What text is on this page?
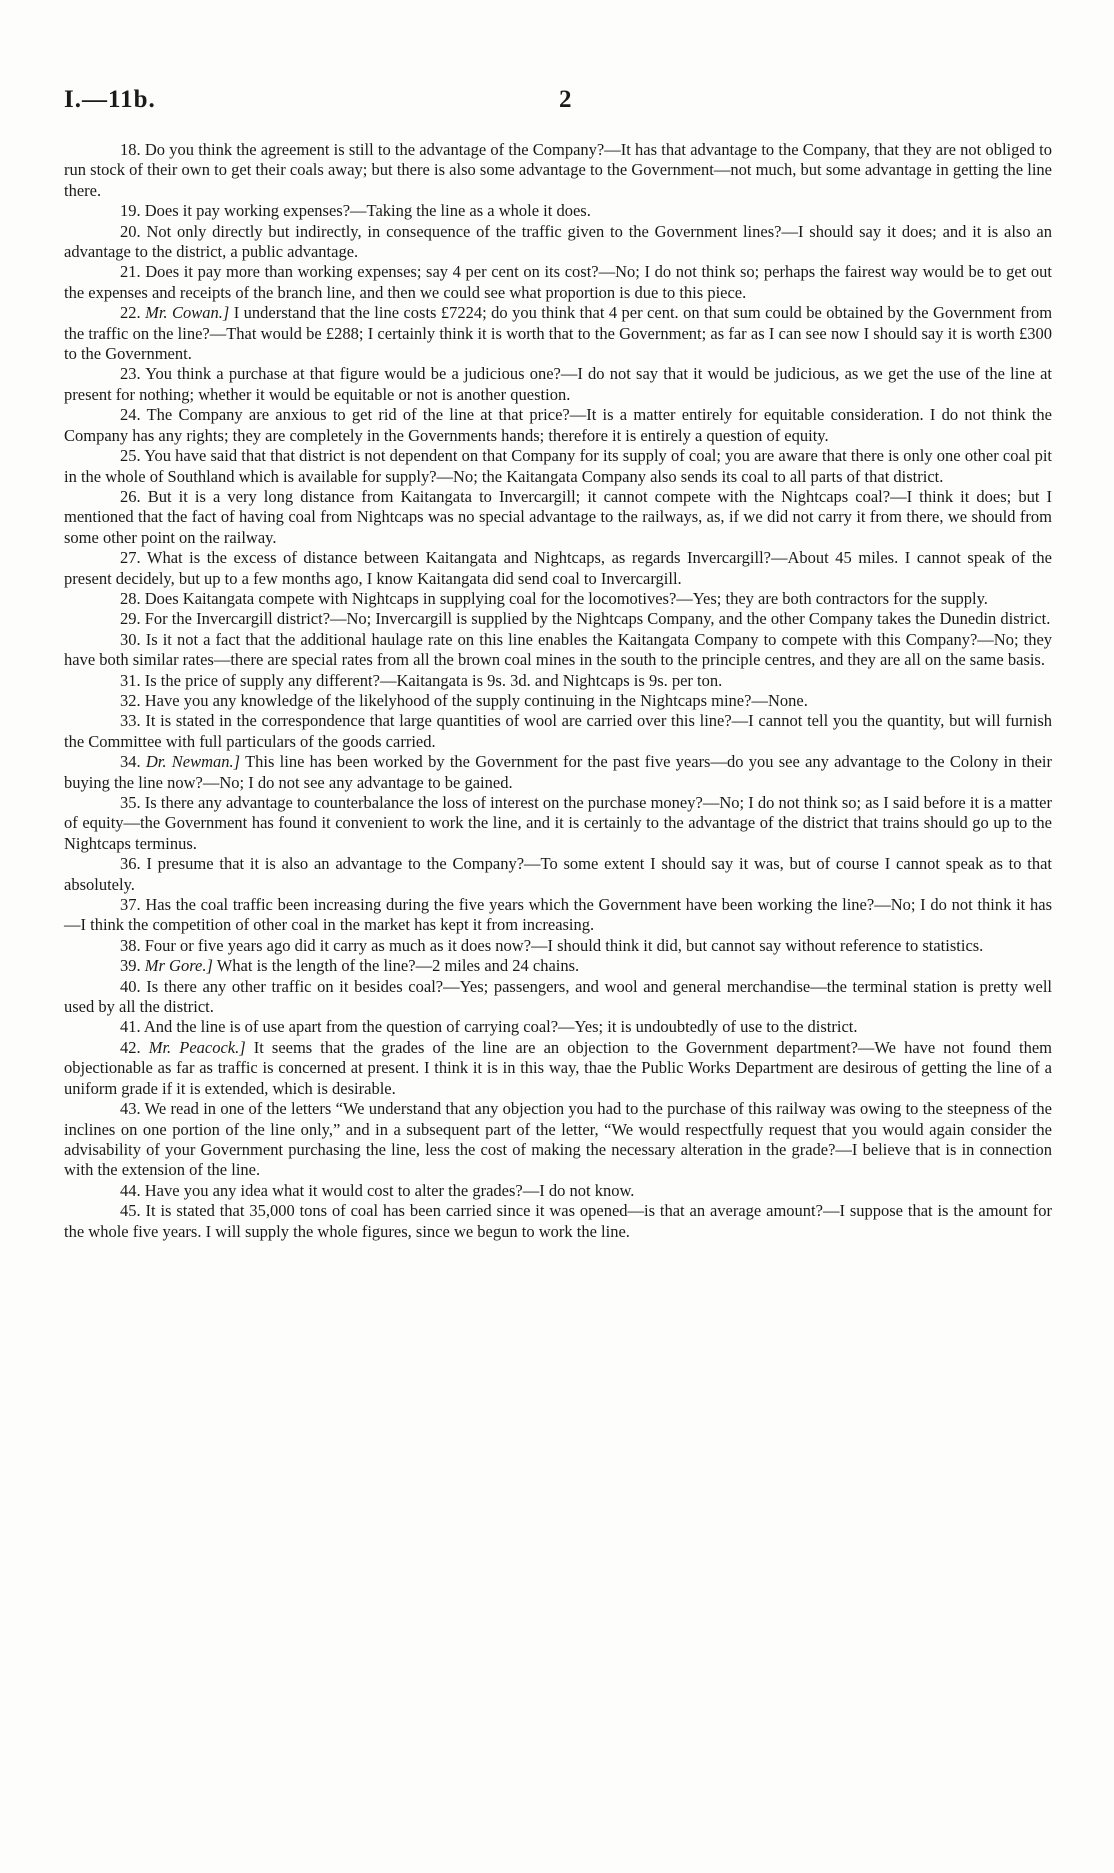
I.—11b.	2

18. Do you think the agreement is still to the advantage of the Company?—It has that advantage to the Company, that they are not obliged to run stock of their own to get their coals away; but there is also some advantage to the Government—not much, but some advantage in getting the line there.

19. Does it pay working expenses?—Taking the line as a whole it does.

20. Not only directly but indirectly, in consequence of the traffic given to the Government lines?—I should say it does; and it is also an advantage to the district, a public advantage.

21. Does it pay more than working expenses; say 4 per cent on its cost?—No; I do not think so; perhaps the fairest way would be to get out the expenses and receipts of the branch line, and then we could see what proportion is due to this piece.

22. Mr. Cowan.] I understand that the line costs £7224; do you think that 4 per cent. on that sum could be obtained by the Government from the traffic on the line?—That would be £288; I certainly think it is worth that to the Government; as far as I can see now I should say it is worth £300 to the Government.

23. You think a purchase at that figure would be a judicious one?—I do not say that it would be judicious, as we get the use of the line at present for nothing; whether it would be equitable or not is another question.

24. The Company are anxious to get rid of the line at that price?—It is a matter entirely for equitable consideration. I do not think the Company has any rights; they are completely in the Governments hands; therefore it is entirely a question of equity.

25. You have said that that district is not dependent on that Company for its supply of coal; you are aware that there is only one other coal pit in the whole of Southland which is available for supply?—No; the Kaitangata Company also sends its coal to all parts of that district.

26. But it is a very long distance from Kaitangata to Invercargill; it cannot compete with the Nightcaps coal?—I think it does; but I mentioned that the fact of having coal from Nightcaps was no special advantage to the railways, as, if we did not carry it from there, we should from some other point on the railway.

27. What is the excess of distance between Kaitangata and Nightcaps, as regards Invercargill?—About 45 miles. I cannot speak of the present decidely, but up to a few months ago, I know Kaitangata did send coal to Invercargill.

28. Does Kaitangata compete with Nightcaps in supplying coal for the locomotives?—Yes; they are both contractors for the supply.

29. For the Invercargill district?—No; Invercargill is supplied by the Nightcaps Company, and the other Company takes the Dunedin district.

30. Is it not a fact that the additional haulage rate on this line enables the Kaitangata Company to compete with this Company?—No; they have both similar rates—there are special rates from all the brown coal mines in the south to the principle centres, and they are all on the same basis.

31. Is the price of supply any different?—Kaitangata is 9s. 3d. and Nightcaps is 9s. per ton.

32. Have you any knowledge of the likelyhood of the supply continuing in the Nightcaps mine?—None.

33. It is stated in the correspondence that large quantities of wool are carried over this line?—I cannot tell you the quantity, but will furnish the Committee with full particulars of the goods carried.

34. Dr. Newman.] This line has been worked by the Government for the past five years—do you see any advantage to the Colony in their buying the line now?—No; I do not see any advantage to be gained.

35. Is there any advantage to counterbalance the loss of interest on the purchase money?—No; I do not think so; as I said before it is a matter of equity—the Government has found it convenient to work the line, and it is certainly to the advantage of the district that trains should go up to the Nightcaps terminus.

36. I presume that it is also an advantage to the Company?—To some extent I should say it was, but of course I cannot speak as to that absolutely.

37. Has the coal traffic been increasing during the five years which the Government have been working the line?—No; I do not think it has—I think the competition of other coal in the market has kept it from increasing.

38. Four or five years ago did it carry as much as it does now?—I should think it did, but cannot say without reference to statistics.

39. Mr Gore.] What is the length of the line?—2 miles and 24 chains.

40. Is there any other traffic on it besides coal?—Yes; passengers, and wool and general merchandise—the terminal station is pretty well used by all the district.

41. And the line is of use apart from the question of carrying coal?—Yes; it is undoubtedly of use to the district.

42. Mr. Peacock.] It seems that the grades of the line are an objection to the Government department?—We have not found them objectionable as far as traffic is concerned at present. I think it is in this way, thae the Public Works Department are desirous of getting the line of a uniform grade if it is extended, which is desirable.

43. We read in one of the letters “We understand that any objection you had to the purchase of this railway was owing to the steepness of the inclines on one portion of the line only,” and in a subsequent part of the letter, “We would respectfully request that you would again consider the advisability of your Government purchasing the line, less the cost of making the necessary alteration in the grade?—I believe that is in connection with the extension of the line.

44. Have you any idea what it would cost to alter the grades?—I do not know.

45. It is stated that 35,000 tons of coal has been carried since it was opened—is that an average amount?—I suppose that is the amount for the whole five years. I will supply the whole figures, since we begun to work the line.
